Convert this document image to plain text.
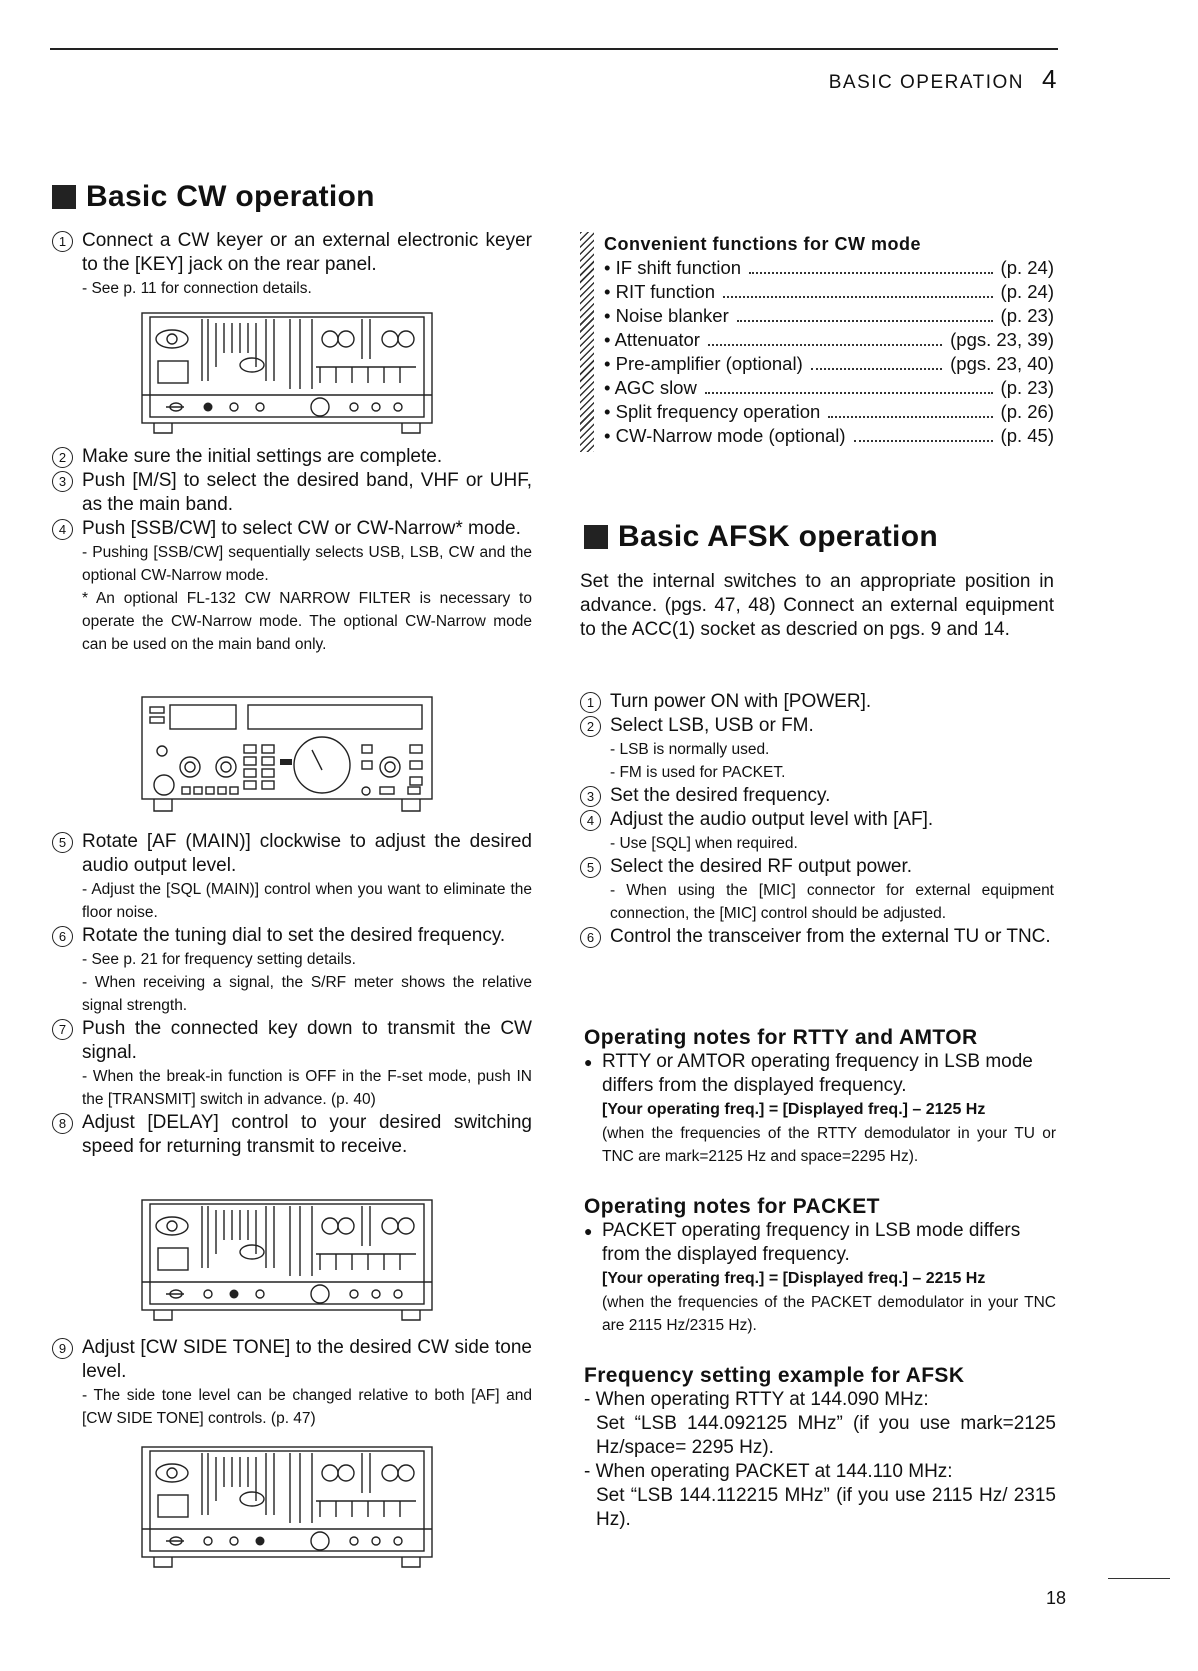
BASIC OPERATION 4
Basic CW operation
1 Connect a CW keyer or an external electronic keyer to the [KEY] jack on the rear panel.
- See p. 11 for connection details.
2 Make sure the initial settings are complete.
3 Push [M/S] to select the desired band, VHF or UHF, as the main band.
4 Push [SSB/CW] to select CW or CW-Narrow* mode.
- Pushing [SSB/CW] sequentially selects USB, LSB, CW and the optional CW-Narrow mode.
* An optional FL-132 CW NARROW FILTER is necessary to operate the CW-Narrow mode. The optional CW-Narrow mode can be used on the main band only.
5 Rotate [AF (MAIN)] clockwise to adjust the desired audio output level.
- Adjust the [SQL (MAIN)] control when you want to eliminate the floor noise.
6 Rotate the tuning dial to set the desired frequency.
- See p. 21 for frequency setting details.
- When receiving a signal, the S/RF meter shows the relative signal strength.
7 Push the connected key down to transmit the CW signal.
- When the break-in function is OFF in the F-set mode, push IN the [TRANSMIT] switch in advance. (p. 40)
8 Adjust [DELAY] control to your desired switching speed for returning transmit to receive.
9 Adjust [CW SIDE TONE] to the desired CW side tone level.
- The side tone level can be changed relative to both [AF] and [CW SIDE TONE] controls. (p. 47)
Convenient functions for CW mode
• IF shift function	(p. 24)
• RIT function	(p. 24)
• Noise blanker	(p. 23)
• Attenuator	(pgs. 23, 39)
• Pre-amplifier (optional)	(pgs. 23, 40)
• AGC slow	(p. 23)
• Split frequency operation	(p. 26)
• CW-Narrow mode (optional)	(p. 45)
Basic AFSK operation
Set the internal switches to an appropriate position in advance. (pgs. 47, 48) Connect an external equipment to the ACC(1) socket as descried on pgs. 9 and 14.
1 Turn power ON with [POWER].
2 Select LSB, USB or FM.
- LSB is normally used.
- FM is used for PACKET.
3 Set the desired frequency.
4 Adjust the audio output level with [AF].
- Use [SQL] when required.
5 Select the desired RF output power.
- When using the [MIC] connector for external equipment connection, the [MIC] control should be adjusted.
6 Control the transceiver from the external TU or TNC.
Operating notes for RTTY and AMTOR
● RTTY or AMTOR operating frequency in LSB mode differs from the displayed frequency.
[Your operating freq.] = [Displayed freq.] – 2125 Hz
(when the frequencies of the RTTY demodulator in your TU or TNC are mark=2125 Hz and space=2295 Hz).
Operating notes for PACKET
● PACKET operating frequency in LSB mode differs from the displayed frequency.
[Your operating freq.] = [Displayed freq.] – 2215 Hz
(when the frequencies of the PACKET demodulator in your TNC are 2115 Hz/2315 Hz).
Frequency setting example for AFSK
- When operating RTTY at 144.090 MHz:
Set “LSB 144.092125 MHz” (if you use mark=2125 Hz/space= 2295 Hz).
- When operating PACKET at 144.110 MHz:
Set “LSB 144.112215 MHz” (if you use 2115 Hz/ 2315 Hz).
18
